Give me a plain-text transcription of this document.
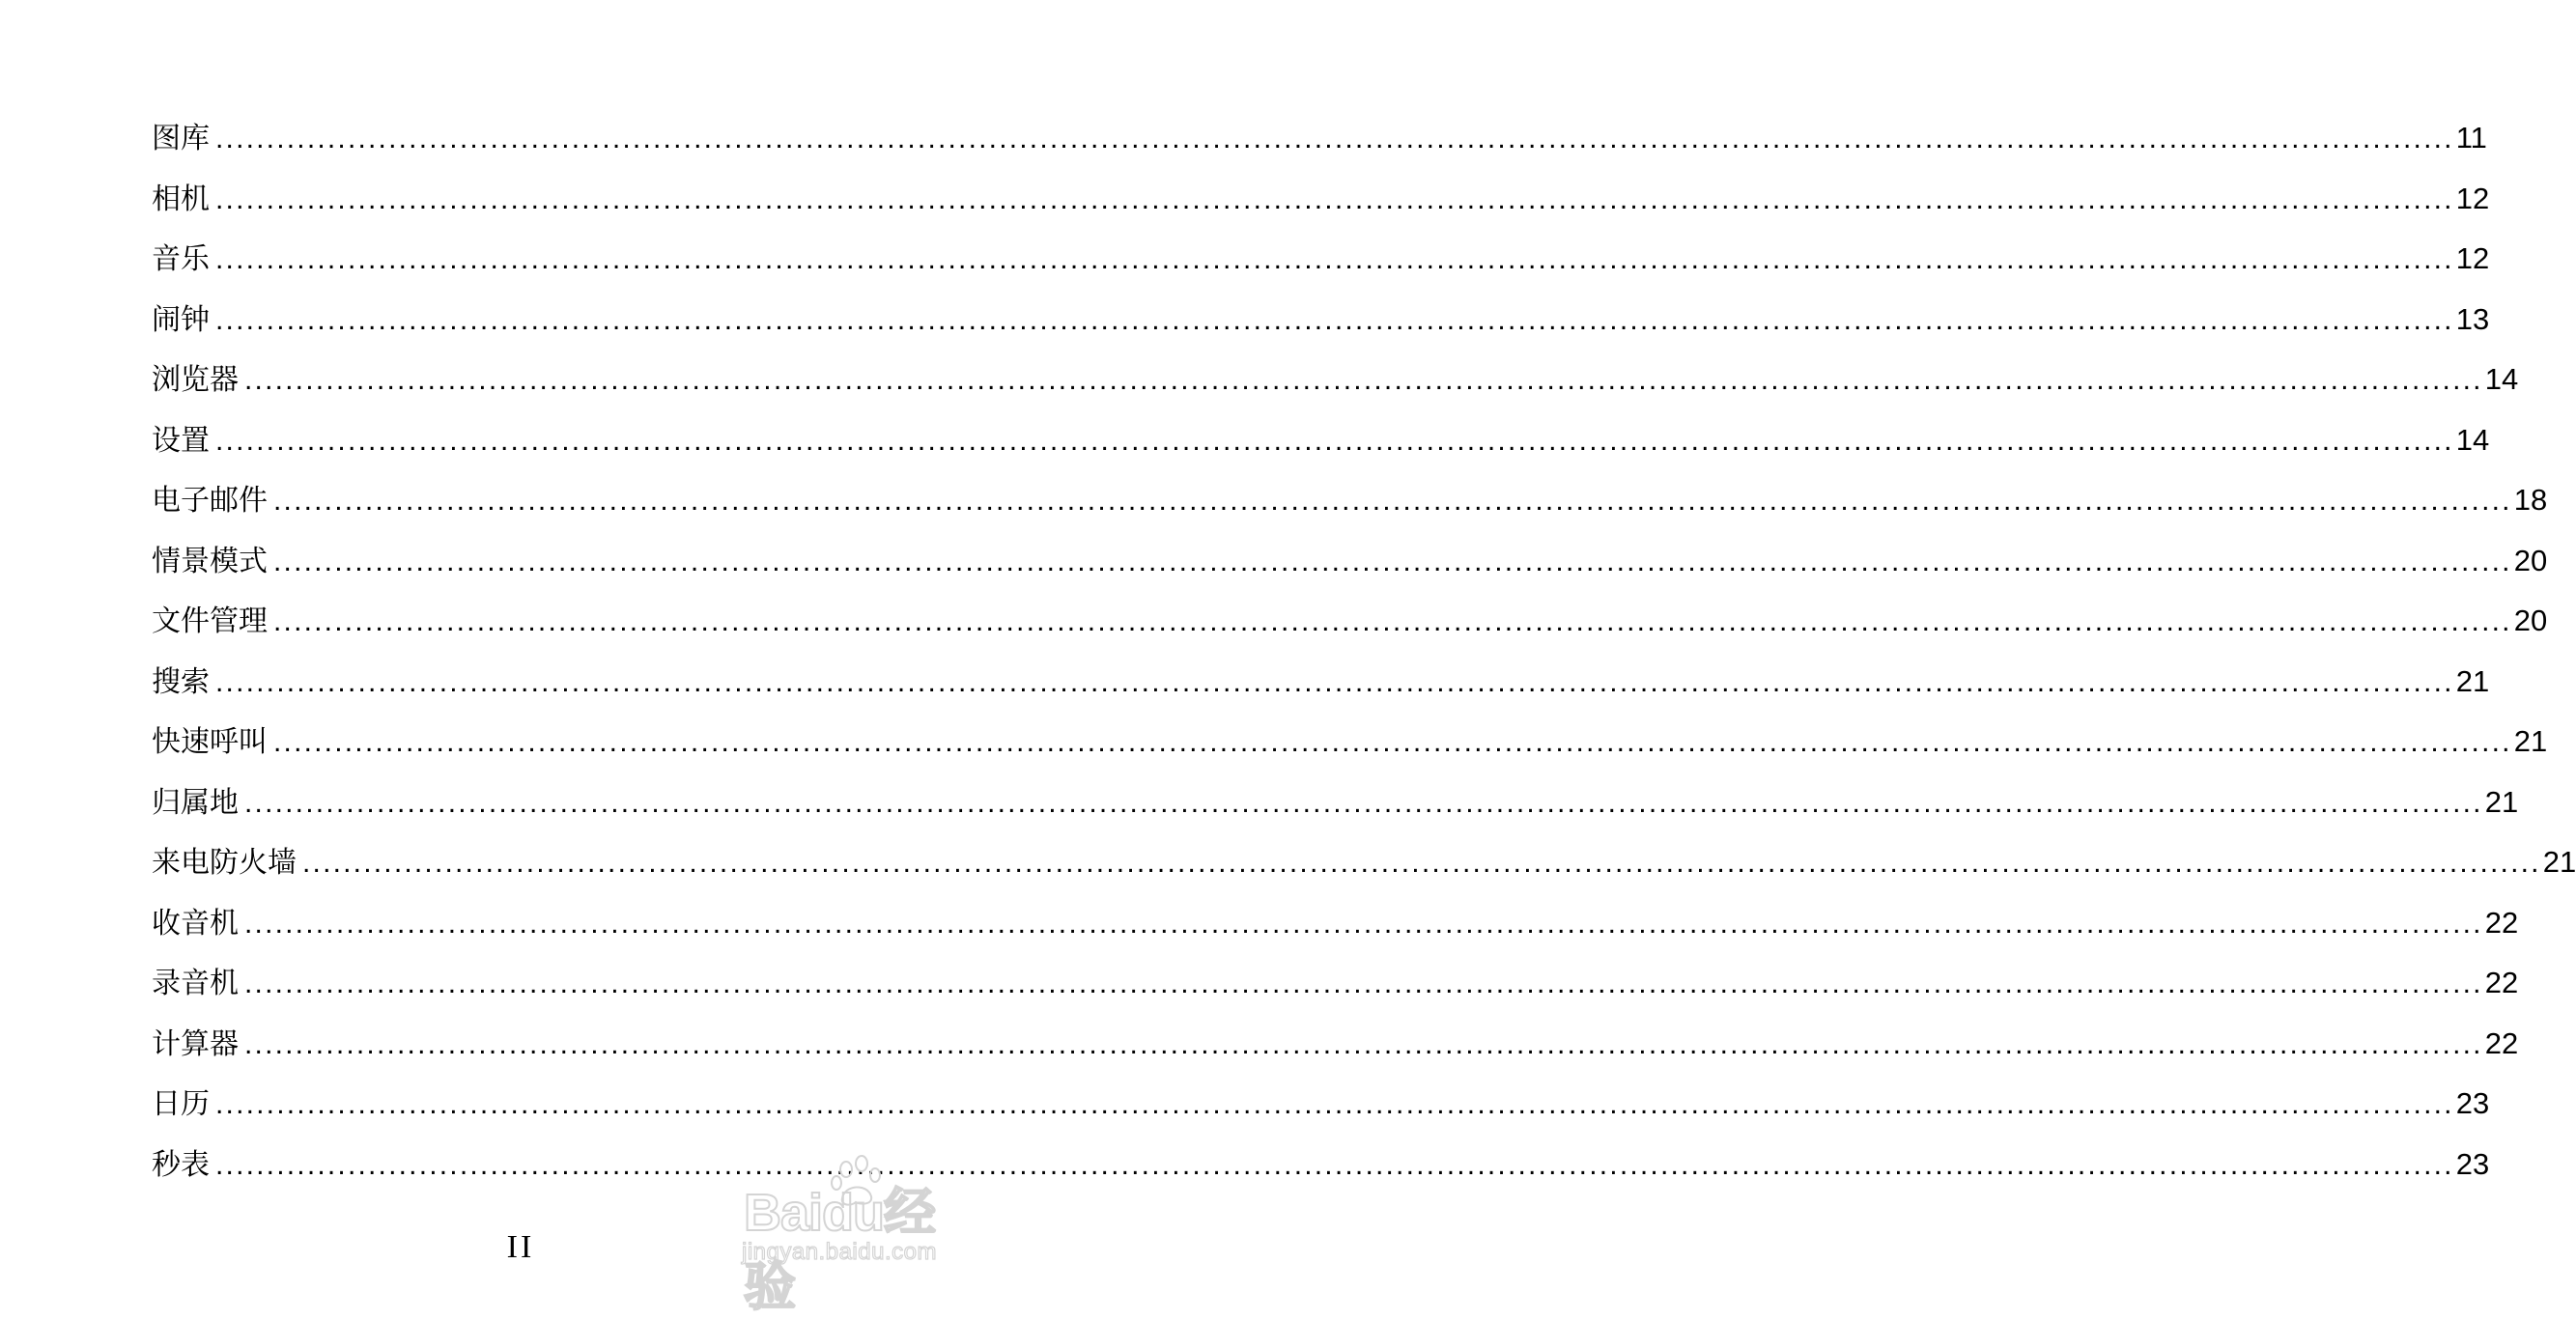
图库 ............................................................................................................................................................................................................................ 11
相机 ............................................................................................................................................................................................................................ 12
音乐 ............................................................................................................................................................................................................................ 12
闹钟 ............................................................................................................................................................................................................................ 13
浏览器 ............................................................................................................................................................................................................................ 14
设置 ............................................................................................................................................................................................................................ 14
电子邮件 ............................................................................................................................................................................................................................ 18
情景模式 ............................................................................................................................................................................................................................ 20
文件管理 ............................................................................................................................................................................................................................ 20
搜索 ............................................................................................................................................................................................................................ 21
快速呼叫 ............................................................................................................................................................................................................................ 21
归属地 ............................................................................................................................................................................................................................ 21
来电防火墙 ............................................................................................................................................................................................................................ 21
收音机 ............................................................................................................................................................................................................................ 22
录音机 ............................................................................................................................................................................................................................ 22
计算器 ............................................................................................................................................................................................................................ 22
日历 ............................................................................................................................................................................................................................ 23
秒表 ............................................................................................................................................................................................................................ 23
II
Baidu经验
jingyan.baidu.com
